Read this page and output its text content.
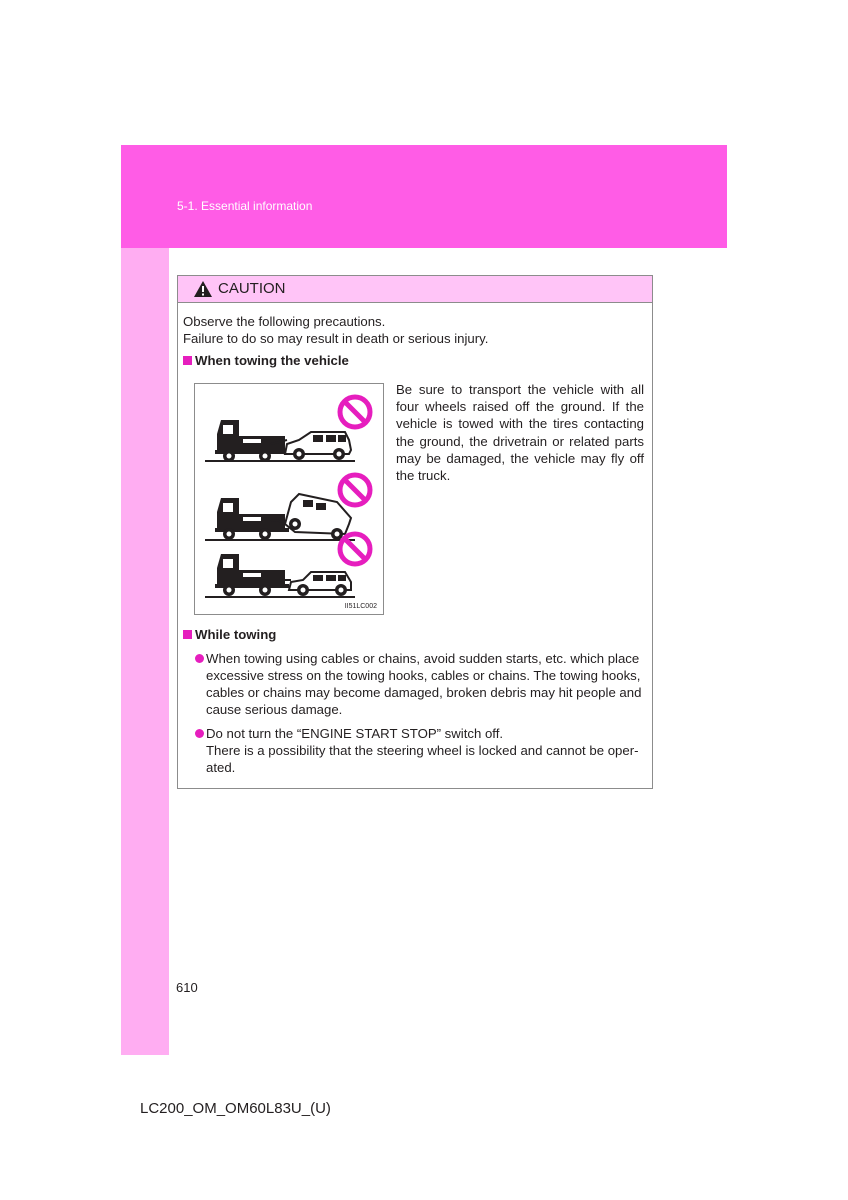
5-1. Essential information
CAUTION
Observe the following precautions.
Failure to do so may result in death or serious injury.
When towing the vehicle
II51LC002
Be sure to transport the vehicle with all four wheels raised off the ground. If the vehicle is towed with the tires contacting the ground, the drivetrain or related parts may be damaged, the vehicle may fly off the truck.
While towing
When towing using cables or chains, avoid sudden starts, etc. which place
excessive stress on the towing hooks, cables or chains. The towing hooks,
cables or chains may become damaged, broken debris may hit people and
cause serious damage.
Do not turn the “ENGINE START STOP” switch off.
There is a possibility that the steering wheel is locked and cannot be oper-
ated.
610
LC200_OM_OM60L83U_(U)
